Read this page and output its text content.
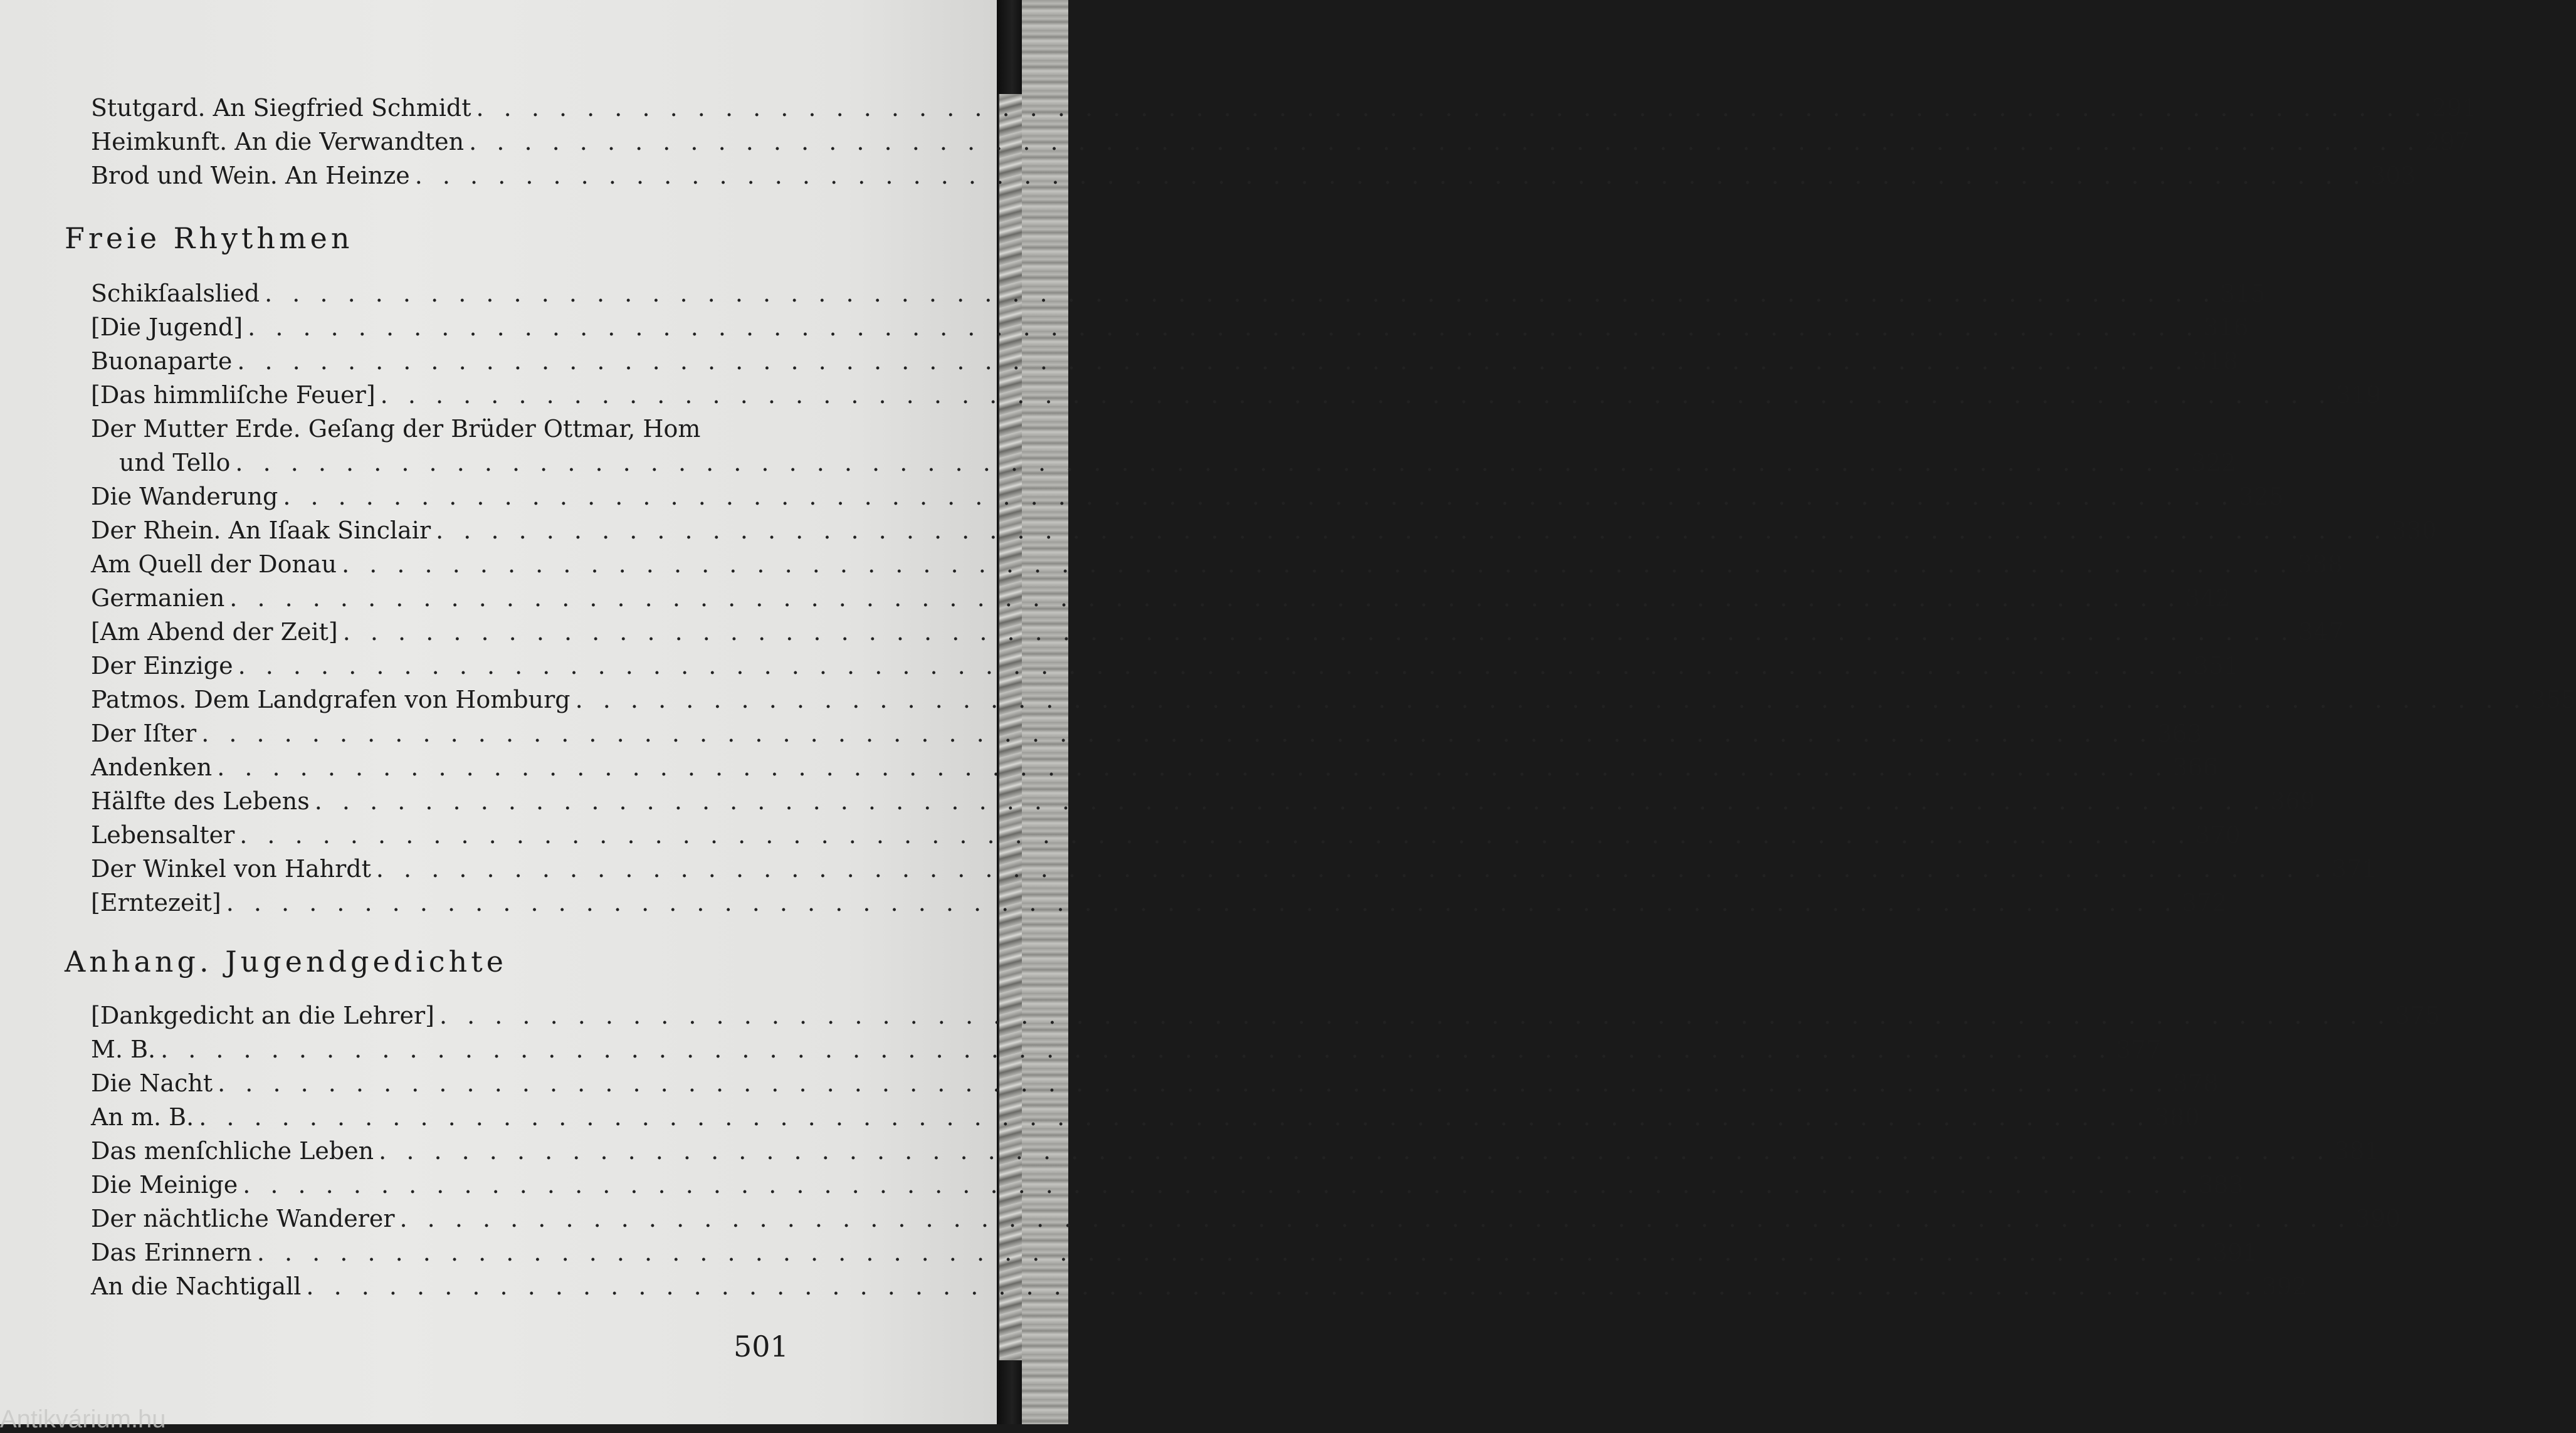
Stutgard. An Siegfried Schmidt . . . . . . . . . . . . . . . . . . . . . . . . . . . . . . . . . . . . . . . . . . . . . . . . . . . . . . . . . . . . . . . . . . . . . . . 291
Heimkunft. An die Verwandten . . . . . . . . . . . . . . . . . . . . . . . . . . . . . . . . . . . . . . . . . . . . . . . . . . . . . . . . . . . . . . . . . . . . . . . 297
Brod und Wein. An Heinze . . . . . . . . . . . . . . . . . . . . . . . . . . . . . . . . . . . . . . . . . . . . . . . . . . . . . . . . . . . . . . . . . . . . . . . 303
Freie Rhythmen
Schikſaalslied . . . . . . . . . . . . . . . . . . . . . . . . . . . . . . . . . . . . . . . . . . . . . . . . . . . . . . . . . . . . . . . . . . . . . . . 315
[Die Jugend] . . . . . . . . . . . . . . . . . . . . . . . . . . . . . . . . . . . . . . . . . . . . . . . . . . . . . . . . . . . . . . . . . . . . . . . 316
Buonaparte . . . . . . . . . . . . . . . . . . . . . . . . . . . . . . . . . . . . . . . . . . . . . . . . . . . . . . . . . . . . . . . . . . . . . . . 318
[Das himmliſche Feuer] . . . . . . . . . . . . . . . . . . . . . . . . . . . . . . . . . . . . . . . . . . . . . . . . . . . . . . . . . . . . . . . . . . . . . . . 319
Der Mutter Erde. Geſang der Brüder Ottmar, Hom
und Tello . . . . . . . . . . . . . . . . . . . . . . . . . . . . . . . . . . . . . . . . . . . . . . . . . . . . . . . . . . . . . . . . . . . . . . . 322
Die Wanderung . . . . . . . . . . . . . . . . . . . . . . . . . . . . . . . . . . . . . . . . . . . . . . . . . . . . . . . . . . . . . . . . . . . . . . . 325
Der Rhein. An Iſaak Sinclair . . . . . . . . . . . . . . . . . . . . . . . . . . . . . . . . . . . . . . . . . . . . . . . . . . . . . . . . . . . . . . . . . . . . . . . 330
Am Quell der Donau . . . . . . . . . . . . . . . . . . . . . . . . . . . . . . . . . . . . . . . . . . . . . . . . . . . . . . . . . . . . . . . . . . . . . . . 338
Germanien . . . . . . . . . . . . . . . . . . . . . . . . . . . . . . . . . . . . . . . . . . . . . . . . . . . . . . . . . . . . . . . . . . . . . . . 342
[Am Abend der Zeit] . . . . . . . . . . . . . . . . . . . . . . . . . . . . . . . . . . . . . . . . . . . . . . . . . . . . . . . . . . . . . . . . . . . . . . . 347
Der Einzige . . . . . . . . . . . . . . . . . . . . . . . . . . . . . . . . . . . . . . . . . . . . . . . . . . . . . . . . . . . . . . . . . . . . . . . 351
Patmos. Dem Landgrafen von Homburg . . . . . . . . . . . . . . . . . . . . . . . . . . . . . . . . . . . . . . . . . . . . . . . . . . . . . . . . . . . . . . . . . . . . . . . 355
Der Iſter . . . . . . . . . . . . . . . . . . . . . . . . . . . . . . . . . . . . . . . . . . . . . . . . . . . . . . . . . . . . . . . . . . . . . . . 363
Andenken . . . . . . . . . . . . . . . . . . . . . . . . . . . . . . . . . . . . . . . . . . . . . . . . . . . . . . . . . . . . . . . . . . . . . . . 366
Hälfte des Lebens . . . . . . . . . . . . . . . . . . . . . . . . . . . . . . . . . . . . . . . . . . . . . . . . . . . . . . . . . . . . . . . . . . . . . . . 369
Lebensalter . . . . . . . . . . . . . . . . . . . . . . . . . . . . . . . . . . . . . . . . . . . . . . . . . . . . . . . . . . . . . . . . . . . . . . . 370
Der Winkel von Hahrdt . . . . . . . . . . . . . . . . . . . . . . . . . . . . . . . . . . . . . . . . . . . . . . . . . . . . . . . . . . . . . . . . . . . . . . . 371
[Erntezeit] . . . . . . . . . . . . . . . . . . . . . . . . . . . . . . . . . . . . . . . . . . . . . . . . . . . . . . . . . . . . . . . . . . . . . . . 372
Anhang. Jugendgedichte
[Dankgedicht an die Lehrer] . . . . . . . . . . . . . . . . . . . . . . . . . . . . . . . . . . . . . . . . . . . . . . . . . . . . . . . . . . . . . . . . . . . . . . . 375
M. B. . . . . . . . . . . . . . . . . . . . . . . . . . . . . . . . . . . . . . . . . . . . . . . . . . . . . . . . . . . . . . . . . . . . . . . . 377
Die Nacht . . . . . . . . . . . . . . . . . . . . . . . . . . . . . . . . . . . . . . . . . . . . . . . . . . . . . . . . . . . . . . . . . . . . . . . 378
An m. B. . . . . . . . . . . . . . . . . . . . . . . . . . . . . . . . . . . . . . . . . . . . . . . . . . . . . . . . . . . . . . . . . . . . . . . . 380
Das menſchliche Leben . . . . . . . . . . . . . . . . . . . . . . . . . . . . . . . . . . . . . . . . . . . . . . . . . . . . . . . . . . . . . . . . . . . . . . . 381
Die Meinige . . . . . . . . . . . . . . . . . . . . . . . . . . . . . . . . . . . . . . . . . . . . . . . . . . . . . . . . . . . . . . . . . . . . . . . 383
Der nächtliche Wanderer . . . . . . . . . . . . . . . . . . . . . . . . . . . . . . . . . . . . . . . . . . . . . . . . . . . . . . . . . . . . . . . . . . . . . . . 390
Das Erinnern . . . . . . . . . . . . . . . . . . . . . . . . . . . . . . . . . . . . . . . . . . . . . . . . . . . . . . . . . . . . . . . . . . . . . . . 391
An die Nachtigall . . . . . . . . . . . . . . . . . . . . . . . . . . . . . . . . . . . . . . . . . . . . . . . . . . . . . . . . . . . . . . . . . . . . . . . 392
501
Antikvárium.hu
